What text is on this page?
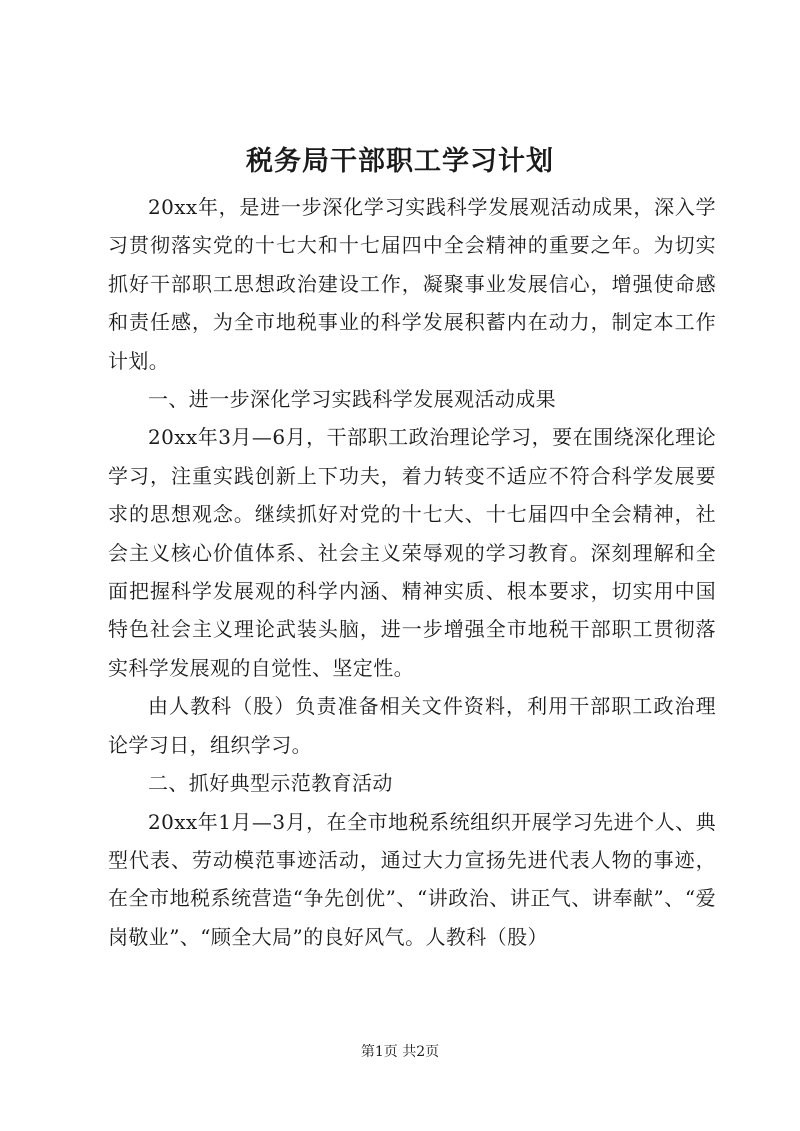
税务局干部职工学习计划

20xx年，是进一步深化学习实践科学发展观活动成果，深入学习贯彻落实党的十七大和十七届四中全会精神的重要之年。为切实抓好干部职工思想政治建设工作，凝聚事业发展信心，增强使命感和责任感，为全市地税事业的科学发展积蓄内在动力，制定本工作计划。

一、进一步深化学习实践科学发展观活动成果

20xx年3月—6月，干部职工政治理论学习，要在围绕深化理论学习，注重实践创新上下功夫，着力转变不适应不符合科学发展要求的思想观念。继续抓好对党的十七大、十七届四中全会精神，社会主义核心价值体系、社会主义荣辱观的学习教育。深刻理解和全面把握科学发展观的科学内涵、精神实质、根本要求，切实用中国特色社会主义理论武装头脑，进一步增强全市地税干部职工贯彻落实科学发展观的自觉性、坚定性。

由人教科（股）负责准备相关文件资料，利用干部职工政治理论学习日，组织学习。

二、抓好典型示范教育活动

20xx年1月—3月，在全市地税系统组织开展学习先进个人、典型代表、劳动模范事迹活动，通过大力宣扬先进代表人物的事迹，在全市地税系统营造“争先创优”、“讲政治、讲正气、讲奉献”、“爱岗敬业”、“顾全大局”的良好风气。人教科（股）

第1页 共2页
